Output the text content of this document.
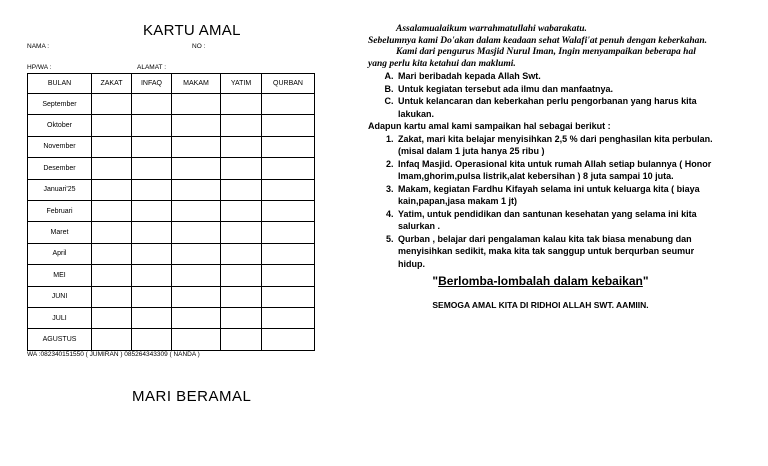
KARTU AMAL
NAMA :	NO :
HP/WA :	ALAMAT :
BULAN	ZAKAT	INFAQ	MAKAM	YATIM	QURBAN
September					
Oktober					
November					
Desember					
Januari'25					
Februari					
Maret					
April					
MEI					
JUNI					
JULI					
AGUSTUS					
WA :082340151550 ( JUMIRAN ) 085264343309 ( NANDA )
MARI BERAMAL
Assalamualaikum warrahmatullahi wabarakatu.
Sebelumnya kami Do'akan dalam keadaan sehat Walafi'at penuh dengan keberkahan.
Kami dari pengurus Masjid Nurul Iman, Ingin menyampaikan beberapa hal yang perlu kita ketahui dan maklumi.
A. Mari beribadah kepada Allah Swt.
B. Untuk kegiatan tersebut ada ilmu dan manfaatnya.
C. Untuk kelancaran dan keberkahan perlu pengorbanan yang harus kita lakukan.
Adapun kartu amal kami sampaikan hal sebagai berikut :
1. Zakat, mari kita belajar menyisihkan 2,5 % dari penghasilan kita perbulan. (misal dalam 1 juta hanya 25 ribu )
2. Infaq Masjid. Operasional kita untuk rumah Allah setiap bulannya ( Honor Imam,ghorim,pulsa listrik,alat kebersihan ) 8 juta sampai 10 juta.
3. Makam, kegiatan Fardhu Kifayah selama ini untuk keluarga kita ( biaya kain,papan,jasa makam 1 jt)
4. Yatim, untuk pendidikan dan santunan kesehatan yang selama ini kita salurkan .
5. Qurban , belajar dari pengalaman kalau kita tak biasa menabung dan menyisihkan sedikit, maka kita tak sanggup untuk berqurban seumur hidup.
"Berlomba-lombalah dalam kebaikan"
SEMOGA AMAL KITA DI RIDHOI ALLAH SWT. AAMIIN.
